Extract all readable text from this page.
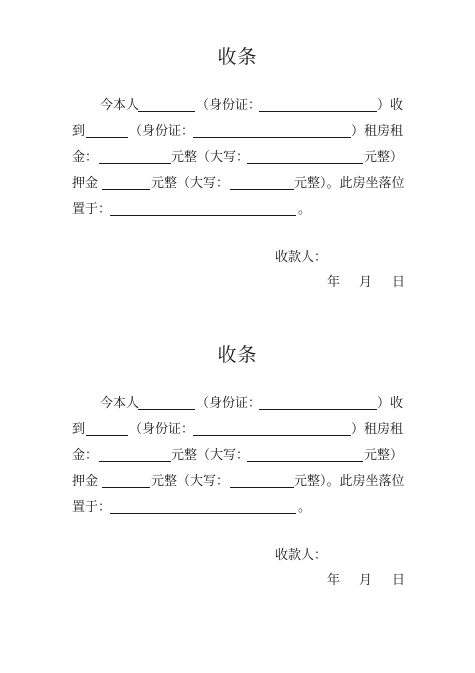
收条
今本人	（身份证：	）收
到	（身份证：	）租房租
金：	元整（大写：	元整）
押金	元整（大写：	元整）。此房坐落位
置于：	。
收款人：
年 月 日
收条
今本人	（身份证：	）收
到	（身份证：	）租房租
金：	元整（大写：	元整）
押金	元整（大写：	元整）。此房坐落位
置于：	。
收款人：
年 月 日
